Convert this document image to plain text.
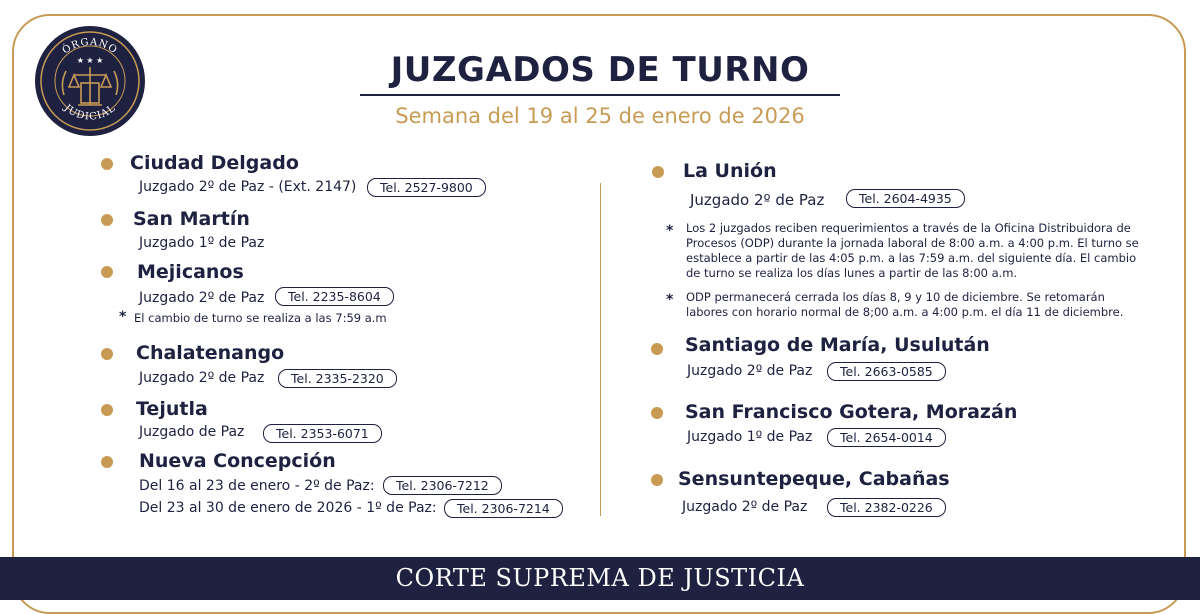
ÓRGANO
JUDICIAL
★ ★ ★	JUZGADOS DE TURNO
Semana del 19 al 25 de enero de 2026
Ciudad Delgado
Juzgado 2º de Paz - (Ext. 2147)	Tel. 2527-9800
San Martín
Juzgado 1º de Paz
Mejicanos
Juzgado 2º de Paz	Tel. 2235-8604
* El cambio de turno se realiza a las 7:59 a.m
Chalatenango
Juzgado 2º de Paz	Tel. 2335-2320
Tejutla
Juzgado de Paz	Tel. 2353-6071
Nueva Concepción
Del 16 al 23 de enero - 2º de Paz:	Tel. 2306-7212
Del 23 al 30 de enero de 2026 - 1º de Paz:	Tel. 2306-7214
La Unión
Juzgado 2º de Paz	Tel. 2604-4935
* Los 2 juzgados reciben requerimientos a través de la Oficina Distribuidora de Procesos (ODP) durante la jornada laboral de 8:00 a.m. a 4:00 p.m. El turno se establece a partir de las 4:05 p.m. a las 7:59 a.m. del siguiente día. El cambio de turno se realiza los días lunes a partir de las 8:00 a.m.
* ODP permanecerá cerrada los días 8, 9 y 10 de diciembre. Se retomarán labores con horario normal de 8;00 a.m. a 4:00 p.m. el día 11 de diciembre.
Santiago de María, Usulután
Juzgado 2º de Paz	Tel. 2663-0585
San Francisco Gotera, Morazán
Juzgado 1º de Paz	Tel. 2654-0014
Sensuntepeque, Cabañas
Juzgado 2º de Paz	Tel. 2382-0226
CORTE SUPREMA DE JUSTICIA
